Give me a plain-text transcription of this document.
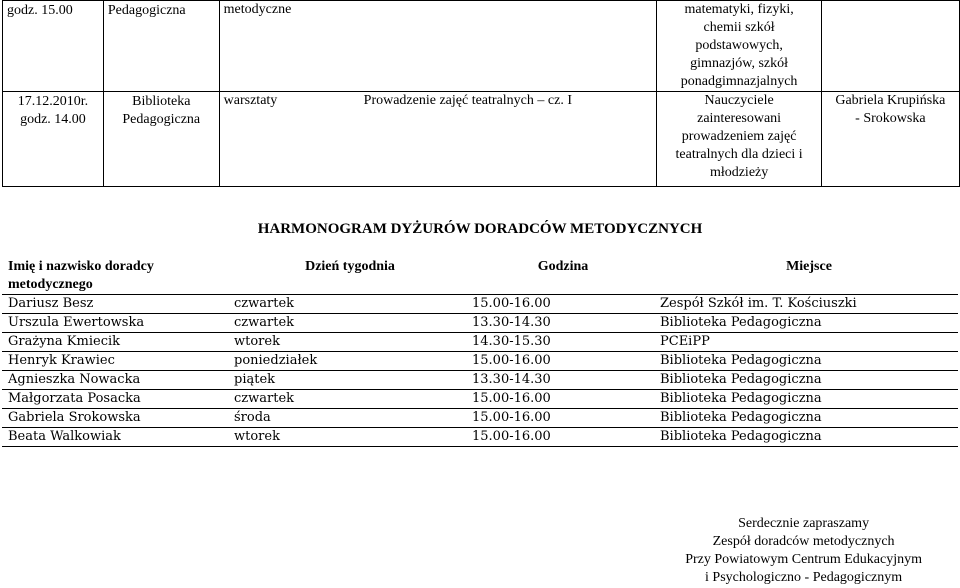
godz. 15.00	Pedagogiczna	metodyczne	matematyki, fizyki,
chemii szkół
podstawowych,
gimnazjów, szkół
ponadgimnazjalnych	

17.12.2010r.
godz. 14.00	Biblioteka
Pedagogiczna	warsztaty Prowadzenie zajęć teatralnych – cz. I	Nauczyciele
zainteresowani
prowadzeniem zajęć
teatralnych dla dzieci i
młodzieży	Gabriela Krupińska
- Srokowska
HARMONOGRAM DYŻURÓW DORADCÓW METODYCZNYCH
Imię i nazwisko doradcy metodycznego	Dzień tygodnia	Godzina	Miejsce
Dariusz Besz	czwartek	15.00-16.00	Zespół Szkół im. T. Kościuszki
Urszula Ewertowska	czwartek	13.30-14.30	Biblioteka Pedagogiczna
Grażyna Kmiecik	wtorek	14.30-15.30	PCEiPP
Henryk Krawiec	poniedziałek	15.00-16.00	Biblioteka Pedagogiczna
Agnieszka Nowacka	piątek	13.30-14.30	Biblioteka Pedagogiczna
Małgorzata Posacka	czwartek	15.00-16.00	Biblioteka Pedagogiczna
Gabriela Srokowska	środa	15.00-16.00	Biblioteka Pedagogiczna
Beata Walkowiak	wtorek	15.00-16.00	Biblioteka Pedagogiczna
Serdecznie zapraszamy
Zespół doradców metodycznych
Przy Powiatowym Centrum Edukacyjnym
i Psychologiczno - Pedagogicznym
